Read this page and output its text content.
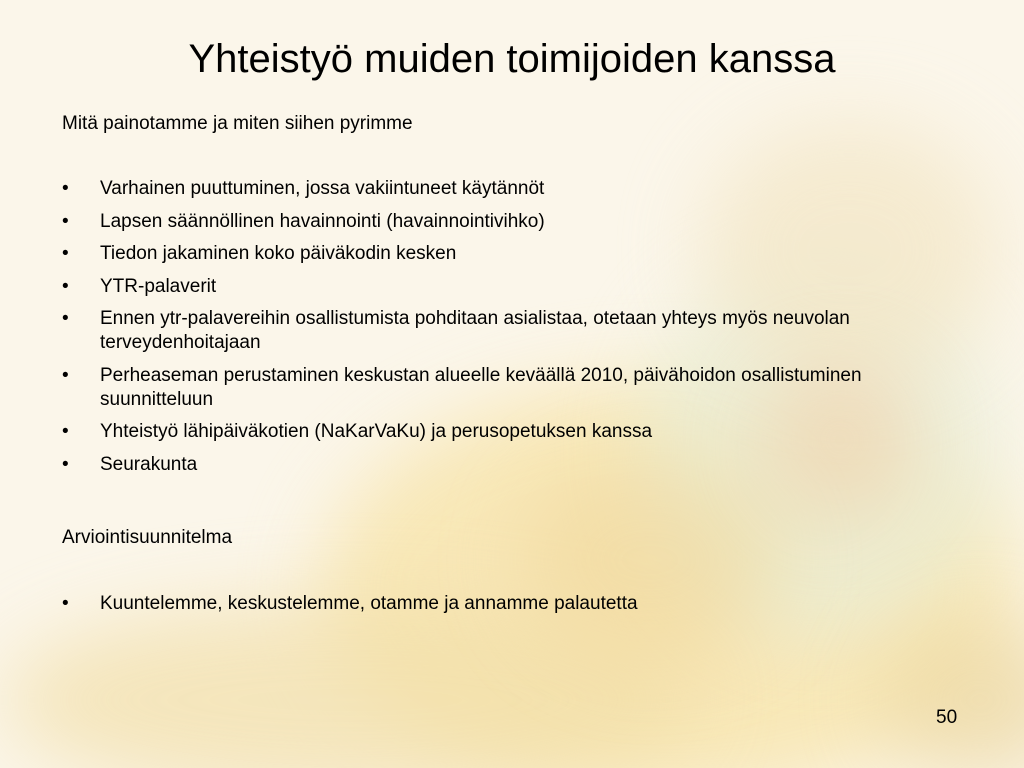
Yhteistyö muiden toimijoiden kanssa

Mitä painotamme ja miten siihen pyrimme

• Varhainen puuttuminen, jossa vakiintuneet käytännöt
• Lapsen säännöllinen havainnointi (havainnointivihko)
• Tiedon jakaminen koko päiväkodin kesken
• YTR-palaverit
• Ennen ytr-palavereihin osallistumista pohditaan asialistaa, otetaan yhteys myös neuvolan terveydenhoitajaan
• Perheaseman perustaminen keskustan alueelle keväällä 2010, päivähoidon osallistuminen suunnitteluun
• Yhteistyö lähipäiväkotien (NaKarVaKu) ja perusopetuksen kanssa
• Seurakunta

Arviointisuunnitelma

• Kuuntelemme, keskustelemme, otamme ja annamme palautetta
50
